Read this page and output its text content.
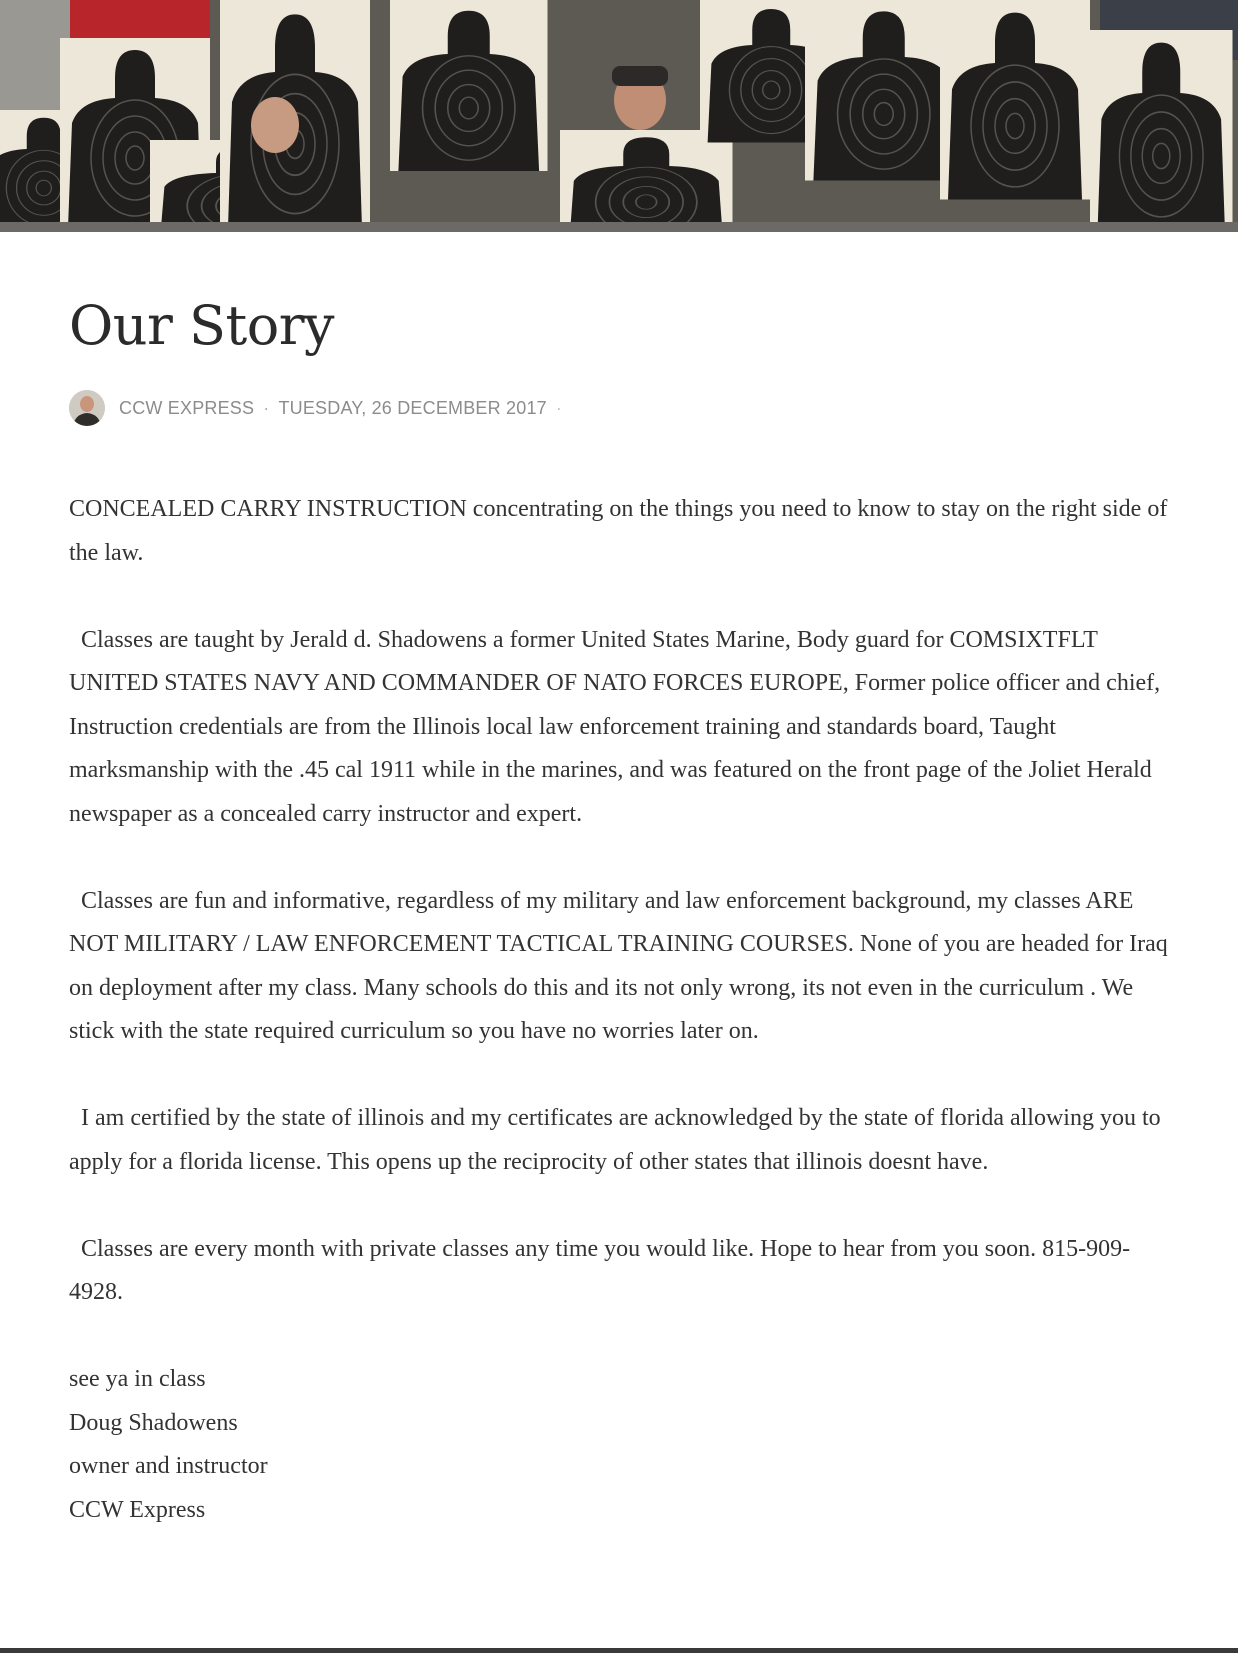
Our Story
CCW EXPRESS · TUESDAY, 26 DECEMBER 2017 ·

CONCEALED CARRY INSTRUCTION concentrating on the things you need to know to stay on the right side of the law.

Classes are taught by Jerald d. Shadowens a former United States Marine, Body guard for COMSIXTFLT UNITED STATES NAVY AND COMMANDER OF NATO FORCES EUROPE, Former police officer and chief, Instruction credentials are from the Illinois local law enforcement training and standards board, Taught marksmanship with the .45 cal 1911 while in the marines, and was featured on the front page of the Joliet Herald newspaper as a concealed carry instructor and expert.

Classes are fun and informative, regardless of my military and law enforcement background, my classes ARE NOT MILITARY / LAW ENFORCEMENT TACTICAL TRAINING COURSES. None of you are headed for Iraq on deployment after my class. Many schools do this and its not only wrong, its not even in the curriculum . We stick with the state required curriculum so you have no worries later on.

I am certified by the state of illinois and my certificates are acknowledged by the state of florida allowing you to apply for a florida license. This opens up the reciprocity of other states that illinois doesnt have.

Classes are every month with private classes any time you would like. Hope to hear from you soon. 815-909-4928.

see ya in class

Doug Shadowens

owner and instructor

CCW Express
